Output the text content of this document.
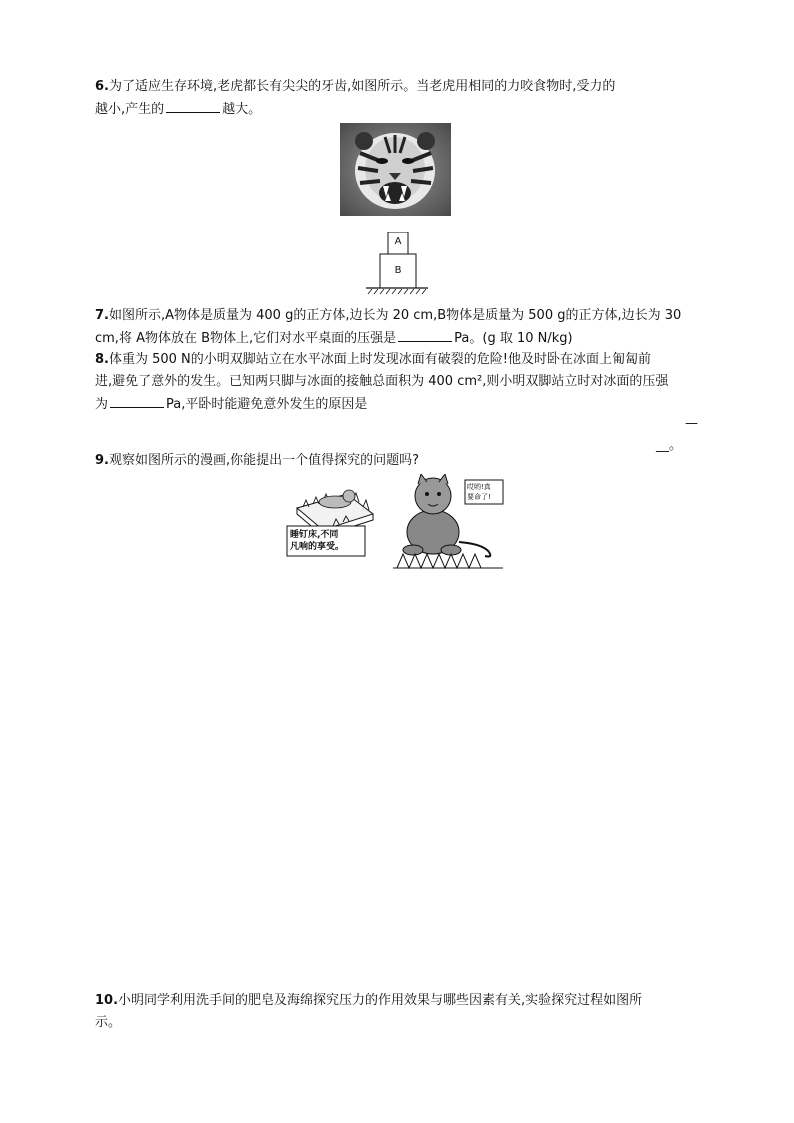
6.为了适应生存环境,老虎都长有尖尖的牙齿,如图所示。当老虎用相同的力咬食物时,受力的
越小,产生的	越大。
A
B
7.如图所示,A物体是质量为 400 g的正方体,边长为 20 cm,B物体是质量为 500 g的正方体,边长为 30
cm,将 A物体放在 B物体上,它们对水平桌面的压强是	Pa。(g 取 10 N/kg)
8.体重为 500 N的小明双脚站立在水平冰面上时发现冰面有破裂的危险!他及时卧在冰面上匍匐前
进,避免了意外的发生。已知两只脚与冰面的接触总面积为 400 cm²,则小明双脚站立时对冰面的压强
为	Pa,平卧时能避免意外发生的原因是
—
__。
9.观察如图所示的漫画,你能提出一个值得探究的问题吗?
睡钉床,不同
凡响的享受。
哎哟!真
要命了!
10.小明同学利用洗手间的肥皂及海绵探究压力的作用效果与哪些因素有关,实验探究过程如图所
示。
